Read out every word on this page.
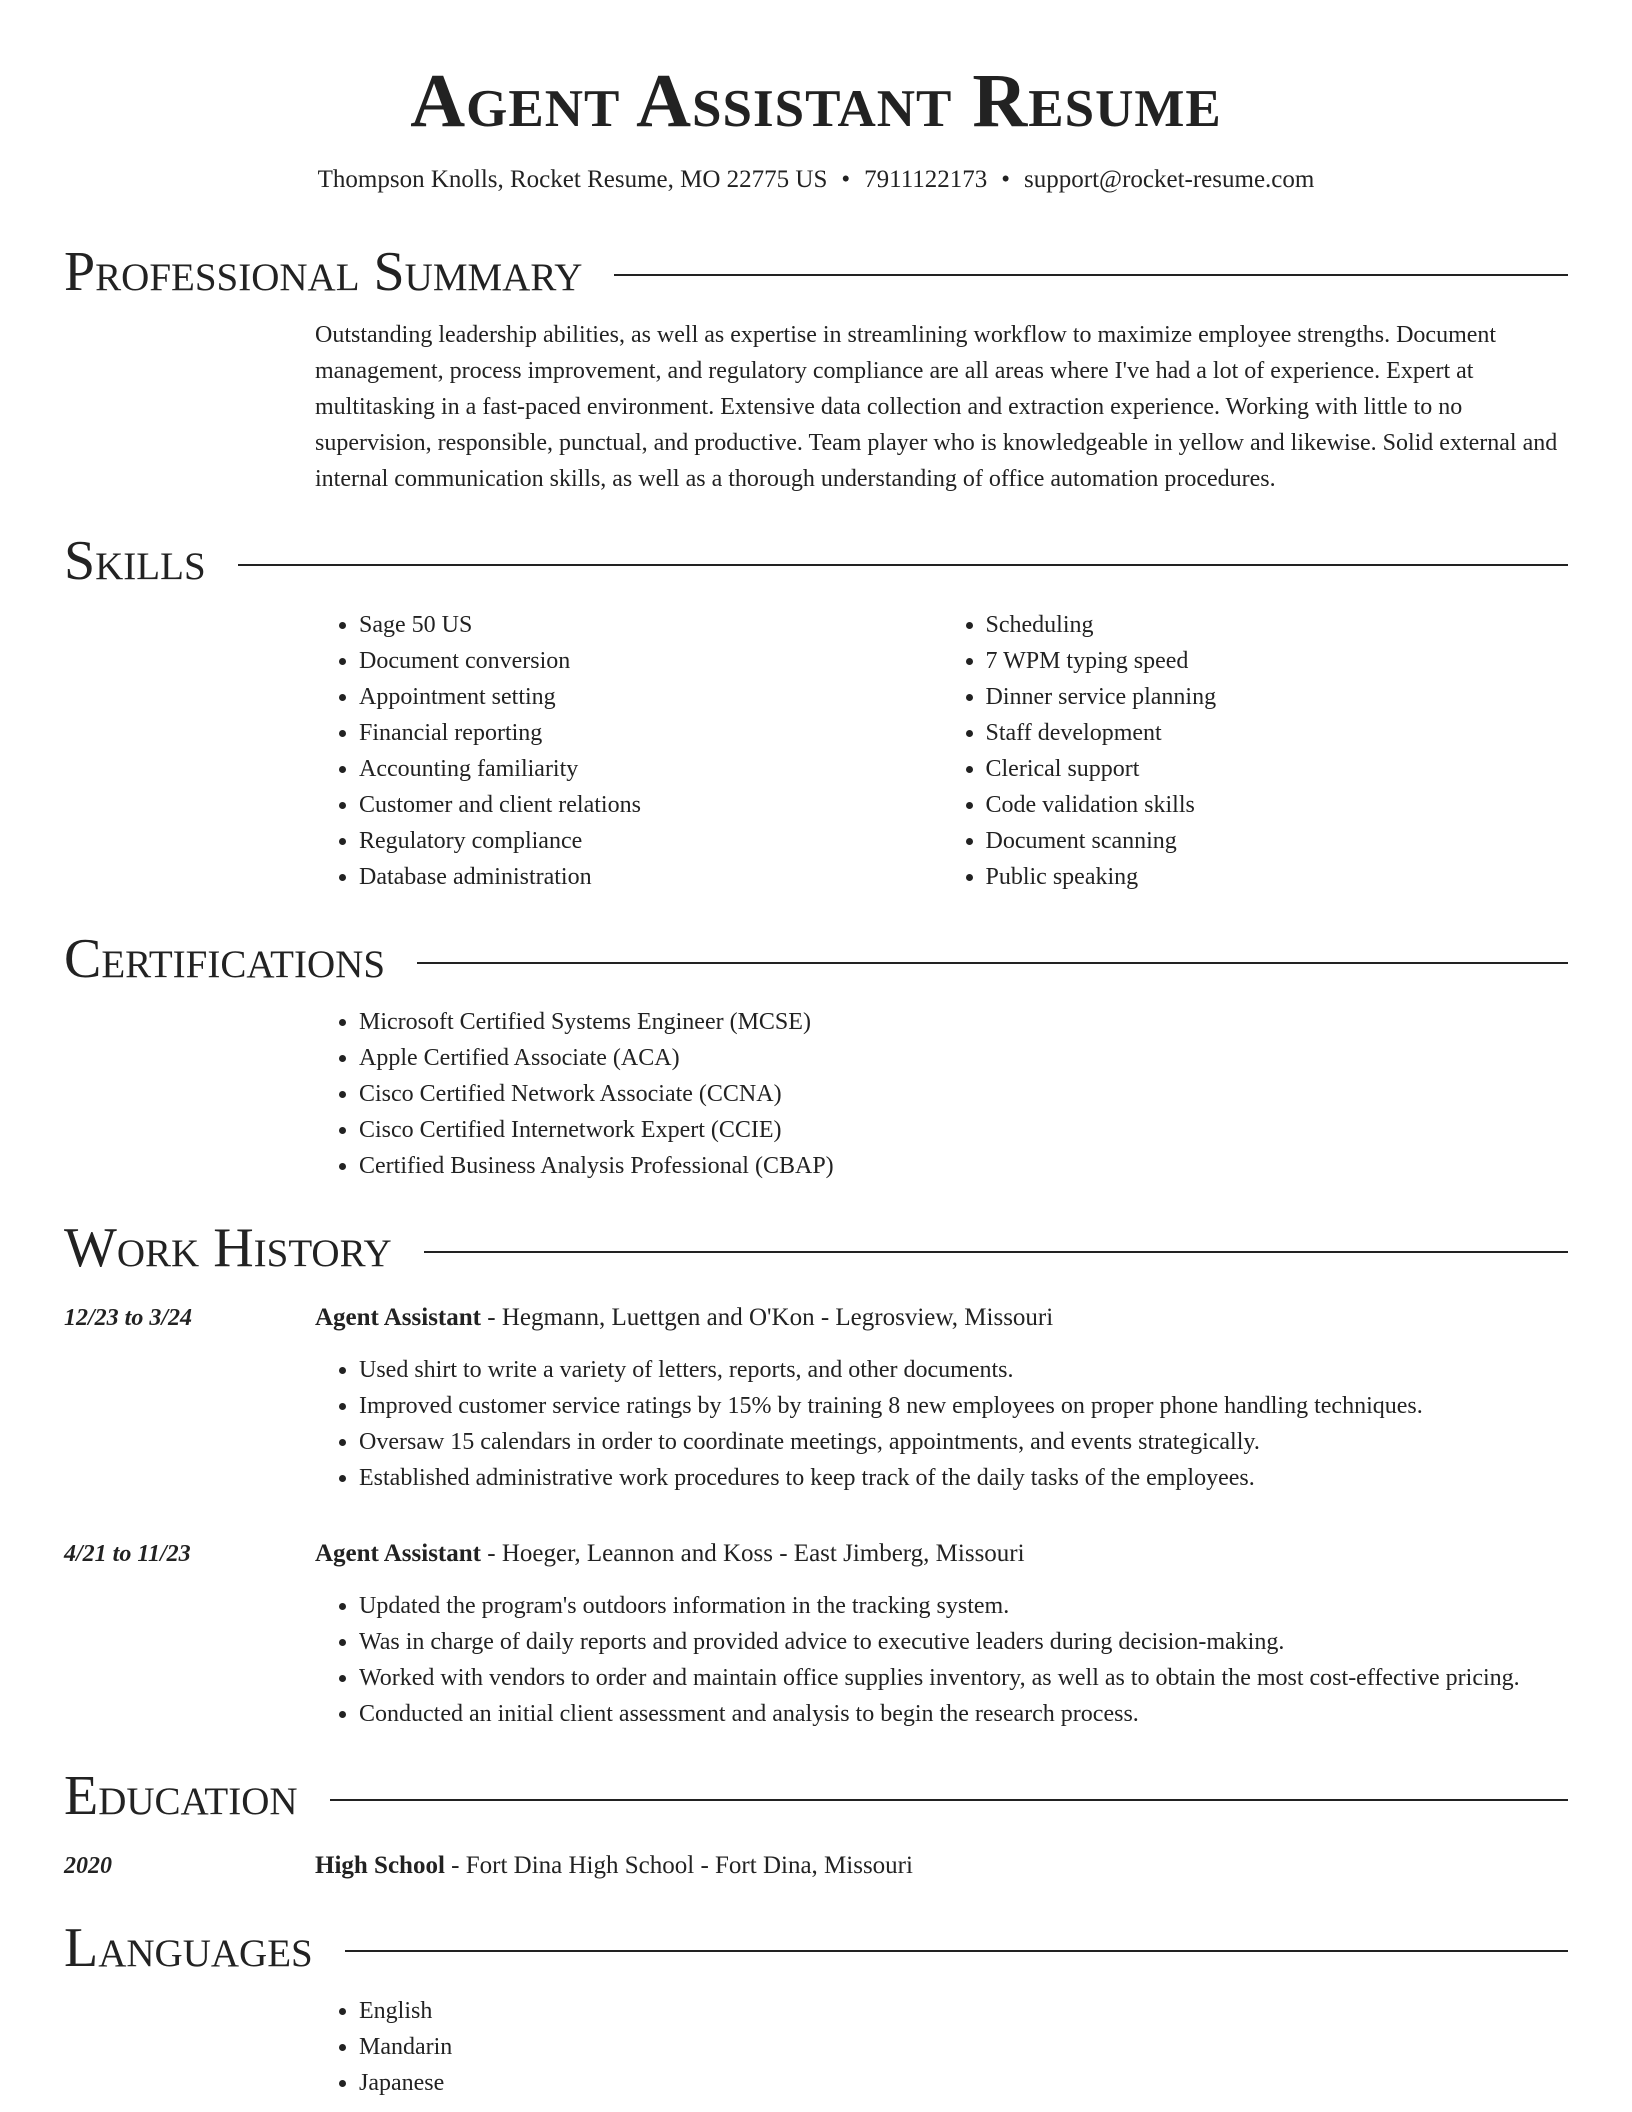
Agent Assistant Resume
Thompson Knolls, Rocket Resume, MO 22775 US • 7911122173 • support@rocket-resume.com
Professional Summary
Outstanding leadership abilities, as well as expertise in streamlining workflow to maximize employee strengths. Document management, process improvement, and regulatory compliance are all areas where I've had a lot of experience. Expert at multitasking in a fast-paced environment. Extensive data collection and extraction experience. Working with little to no supervision, responsible, punctual, and productive. Team player who is knowledgeable in yellow and likewise. Solid external and internal communication skills, as well as a thorough understanding of office automation procedures.
Skills
• Sage 50 US
• Document conversion
• Appointment setting
• Financial reporting
• Accounting familiarity
• Customer and client relations
• Regulatory compliance
• Database administration
• Scheduling
• 7 WPM typing speed
• Dinner service planning
• Staff development
• Clerical support
• Code validation skills
• Document scanning
• Public speaking
Certifications
• Microsoft Certified Systems Engineer (MCSE)
• Apple Certified Associate (ACA)
• Cisco Certified Network Associate (CCNA)
• Cisco Certified Internetwork Expert (CCIE)
• Certified Business Analysis Professional (CBAP)
Work History
12/23 to 3/24	Agent Assistant - Hegmann, Luettgen and O'Kon - Legrosview, Missouri
• Used shirt to write a variety of letters, reports, and other documents.
• Improved customer service ratings by 15% by training 8 new employees on proper phone handling techniques.
• Oversaw 15 calendars in order to coordinate meetings, appointments, and events strategically.
• Established administrative work procedures to keep track of the daily tasks of the employees.
4/21 to 11/23	Agent Assistant - Hoeger, Leannon and Koss - East Jimberg, Missouri
• Updated the program's outdoors information in the tracking system.
• Was in charge of daily reports and provided advice to executive leaders during decision-making.
• Worked with vendors to order and maintain office supplies inventory, as well as to obtain the most cost-effective pricing.
• Conducted an initial client assessment and analysis to begin the research process.
Education
2020	High School - Fort Dina High School - Fort Dina, Missouri
Languages
• English
• Mandarin
• Japanese
